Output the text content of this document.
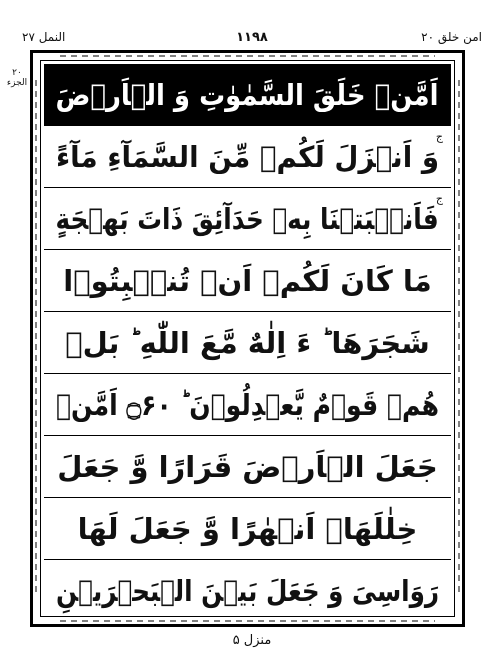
النمل ۲۷	۱۱۹۸	امن خلق ۲۰
۲۰
الجزء اَمَّنۡ خَلَقَ السَّمٰوٰتِ وَ الۡاَرۡضَ
وَ اَنۡزَلَ لَكُمۡ مِّنَ السَّمَآءِ مَآءً
ج
فَاَنۡۢبَتۡنَا بِهٖ حَدَآئِقَ ذَاتَ بَهۡجَةٍ
ج
مَا كَانَ لَكُمۡ اَنۡ تُنۡۢبِتُوۡا
شَجَرَهَا ؕ ءَ اِلٰهٌ مَّعَ اللّٰهِ ؕ بَلۡ
هُمۡ قَوۡمٌ يَّعۡدِلُوۡنَ ؕ ۝۶۰ اَمَّنۡ
جَعَلَ الۡاَرۡضَ قَرَارًا وَّ جَعَلَ
خِلٰلَهَاۤ اَنۡهٰرًا وَّ جَعَلَ لَهَا
رَوَاسِىَ وَ جَعَلَ بَيۡنَ الۡبَحۡرَيۡنِ
منزل ۵
